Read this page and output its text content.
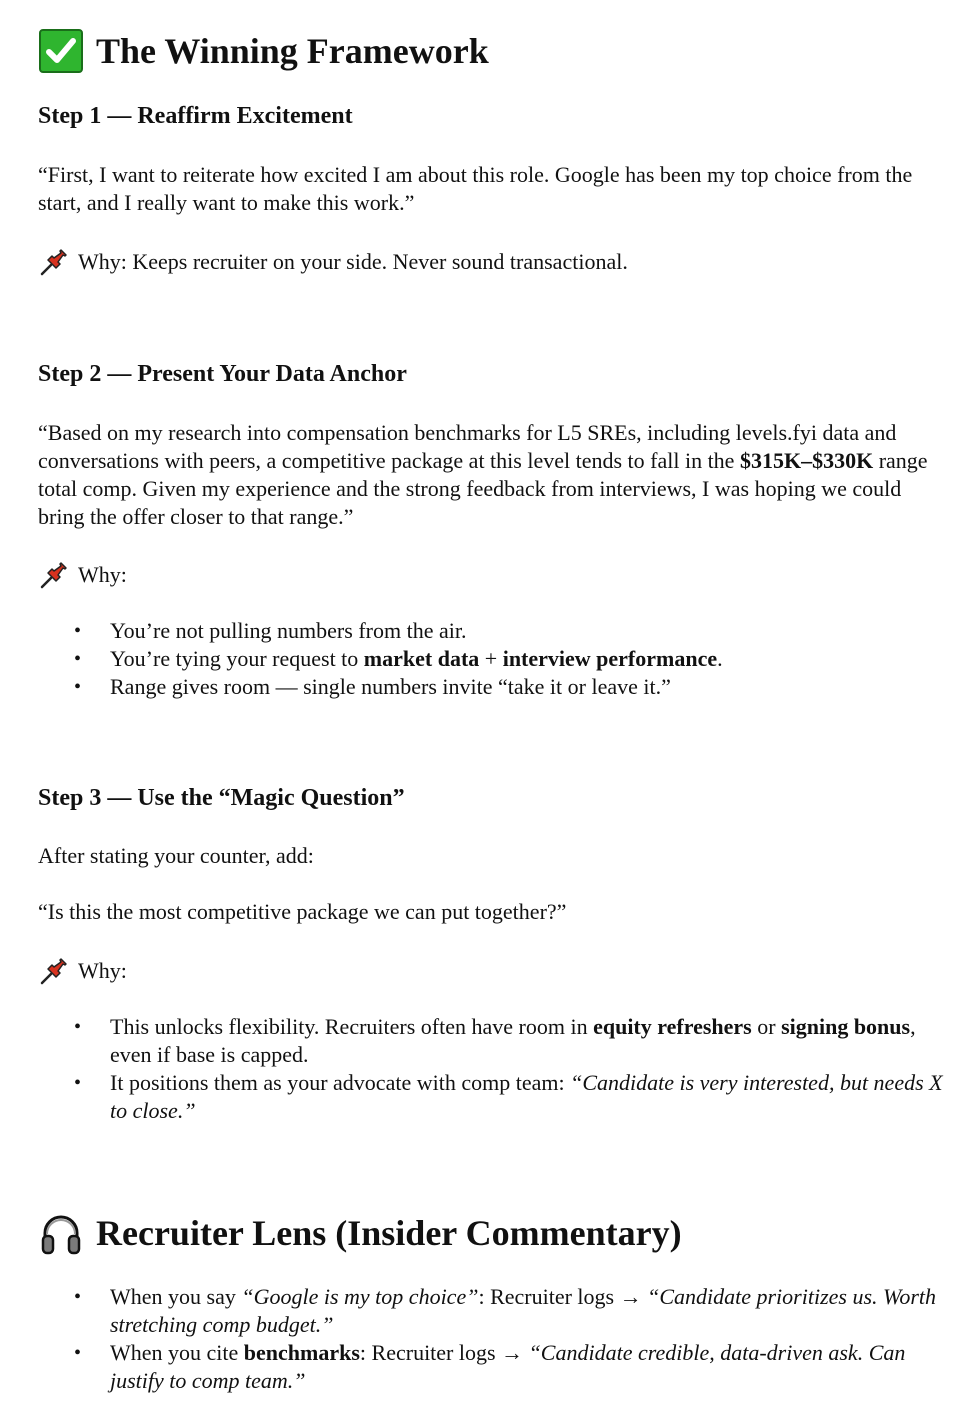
The Winning Framework
Step 1 — Reaffirm Excitement
“First, I want to reiterate how excited I am about this role. Google has been my top choice from the start, and I really want to make this work.”
Why: Keeps recruiter on your side. Never sound transactional.
Step 2 — Present Your Data Anchor
“Based on my research into compensation benchmarks for L5 SREs, including levels.fyi data and conversations with peers, a competitive package at this level tends to fall in the $315K–$330K range total comp. Given my experience and the strong feedback from interviews, I was hoping we could bring the offer closer to that range.”
Why:
• You’re not pulling numbers from the air.
• You’re tying your request to market data + interview performance.
• Range gives room — single numbers invite “take it or leave it.”
Step 3 — Use the “Magic Question”
After stating your counter, add:
“Is this the most competitive package we can put together?”
Why:
• This unlocks flexibility. Recruiters often have room in equity refreshers or signing bonus, even if base is capped.
• It positions them as your advocate with comp team: “Candidate is very interested, but needs X to close.”
Recruiter Lens (Insider Commentary)
• When you say “Google is my top choice”: Recruiter logs → “Candidate prioritizes us. Worth stretching comp budget.”
• When you cite benchmarks: Recruiter logs → “Candidate credible, data-driven ask. Can justify to comp team.”
